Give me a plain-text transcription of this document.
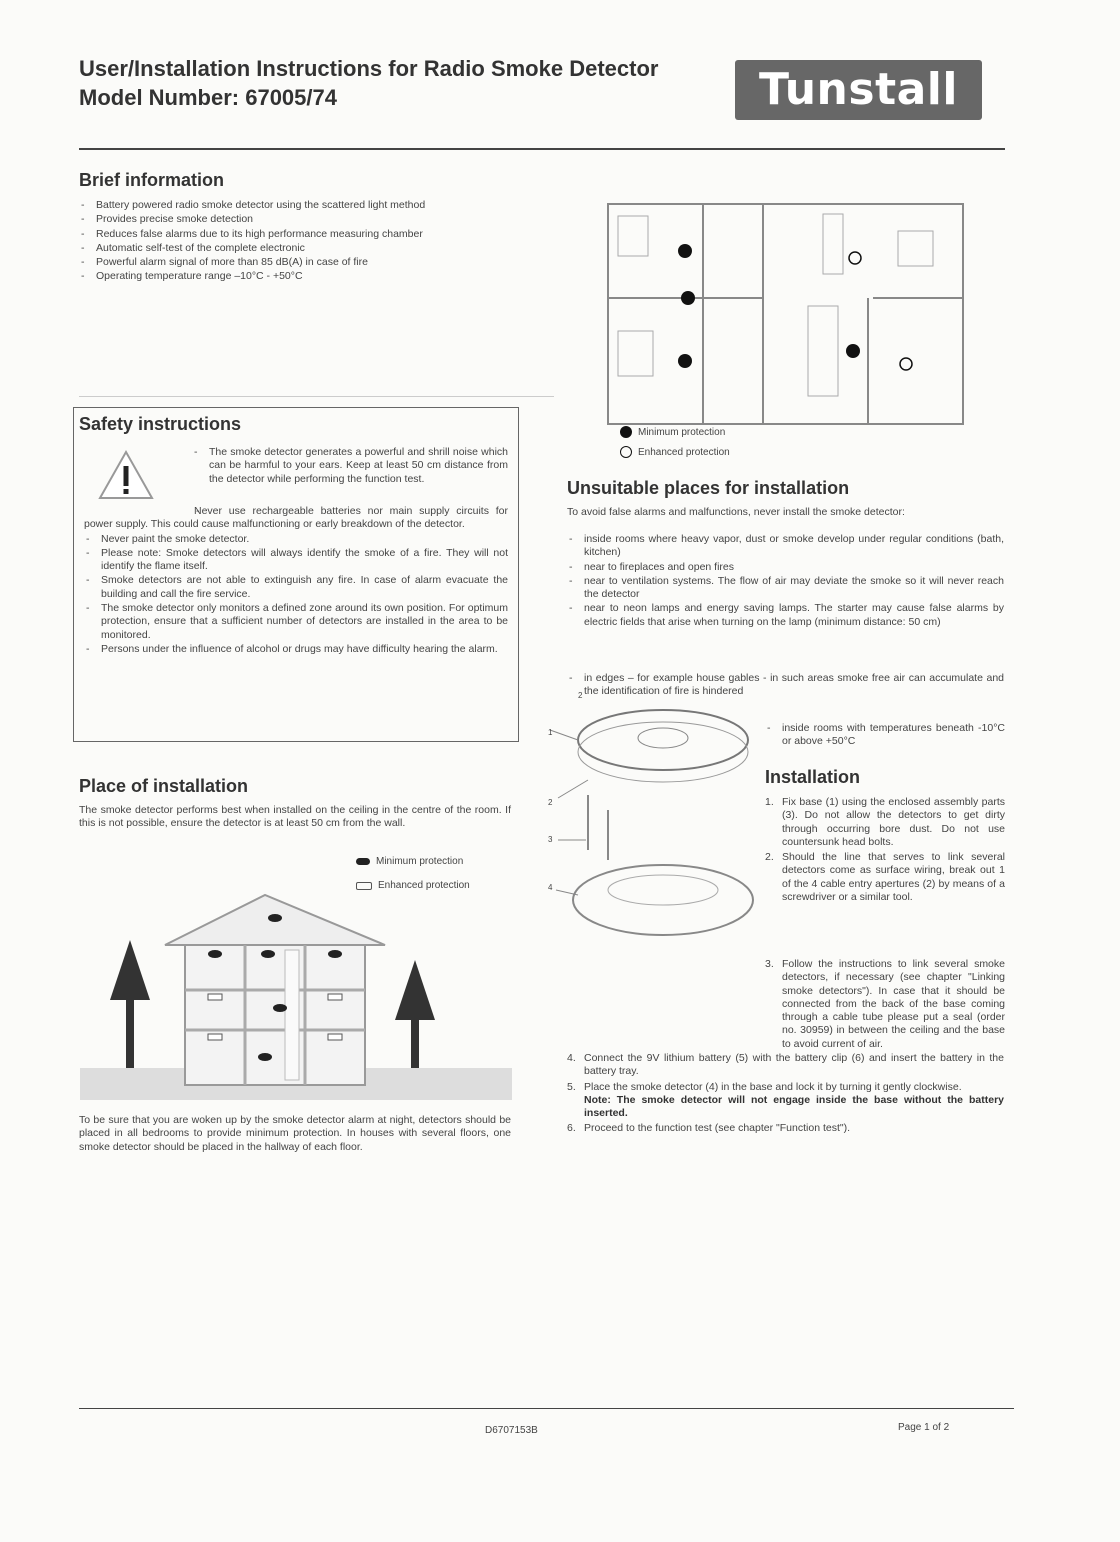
User/Installation Instructions for Radio Smoke Detector
Model Number: 67005/74	Tunstall
Brief information
- Battery powered radio smoke detector using the scattered light method
- Provides precise smoke detection
- Reduces false alarms due to its high performance measuring chamber
- Automatic self-test of the complete electronic
- Powerful alarm signal of more than 85 dB(A) in case of fire
- Operating temperature range –10°C - +50°C
Safety instructions
- The smoke detector generates a powerful and shrill noise which can be harmful to your ears. Keep at least 50 cm distance from the detector while performing the function test.
- Never use rechargeable batteries nor main supply circuits for power supply. This could cause malfunctioning or early breakdown of the detector.
- Never paint the smoke detector.
- Please note: Smoke detectors will always identify the smoke of a fire. They will not identify the flame itself.
- Smoke detectors are not able to extinguish any fire. In case of alarm evacuate the building and call the fire service.
- The smoke detector only monitors a defined zone around its own position. For optimum protection, ensure that a sufficient number of detectors are installed in the area to be monitored.
- Persons under the influence of alcohol or drugs may have difficulty hearing the alarm.
Place of installation

The smoke detector performs best when installed on the ceiling in the centre of the room. If this is not possible, ensure the detector is at least 50 cm from the wall.

Minimum protection
Enhanced protection

To be sure that you are woken up by the smoke detector alarm at night, detectors should be placed in all bedrooms to provide minimum protection. In houses with several floors, one smoke detector should be placed in the hallway of each floor.

Minimum protection
Enhanced protection
Unsuitable places for installation

To avoid false alarms and malfunctions, never install the smoke detector:

- inside rooms where heavy vapor, dust or smoke develop under regular conditions (bath, kitchen)
- near to fireplaces and open fires
- near to ventilation systems. The flow of air may deviate the smoke so it will never reach the detector
- near to neon lamps and energy saving lamps. The starter may cause false alarms by electric fields that arise when turning on the lamp (minimum distance: 50 cm)
- in edges – for example house gables - in such areas smoke free air can accumulate and the identification of fire is hindered
- inside rooms with temperatures beneath -10°C or above +50°C
1
2
2
3
4
Installation
1. Fix base (1) using the enclosed assembly parts (3). Do not allow the detectors to get dirty through occurring bore dust. Do not use countersunk head bolts.
2. Should the line that serves to link several detectors come as surface wiring, break out 1 of the 4 cable entry apertures (2) by means of a screwdriver or a similar tool.
3. Follow the instructions to link several smoke detectors, if necessary (see chapter "Linking smoke detectors"). In case that it should be connected from the back of the base coming through a cable tube please put a seal (order no. 30959) in between the ceiling and the base to avoid current of air.
4. Connect the 9V lithium battery (5) with the battery clip (6) and insert the battery in the battery tray.
5. Place the smoke detector (4) in the base and lock it by turning it gently clockwise.
Note: The smoke detector will not engage inside the base without the battery inserted.
6. Proceed to the function test (see chapter "Function test").
D6707153B	Page 1 of 2
